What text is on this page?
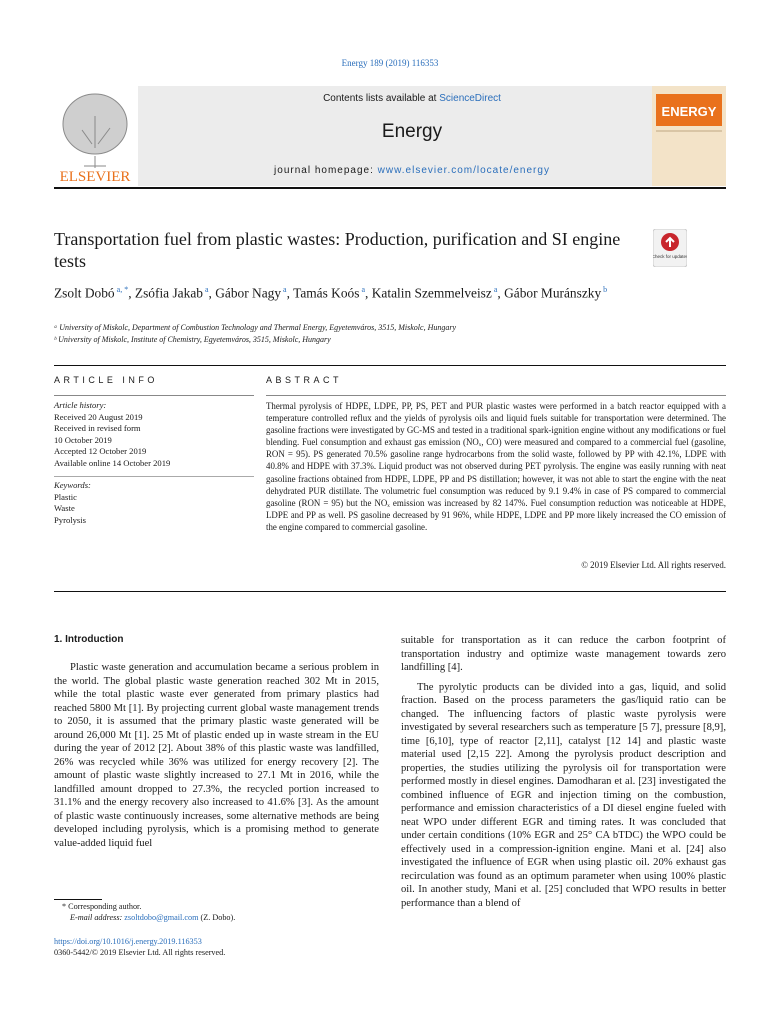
Energy 189 (2019) 116353
ELSEVIER
Contents lists available at ScienceDirect
Energy
journal homepage: www.elsevier.com/locate/energy
ENERGY
Transportation fuel from plastic wastes: Production, purification and SI engine tests	Check for updates
Zsolt Dobó $^{a, *}$, Zsófia Jakab $^a$, Gábor Nagy $^a$, Tamás Koós $^a$, Katalin Szemmelveisz $^a$, Gábor Muránszky $^b$
ᵃ University of Miskolc, Department of Combustion Technology and Thermal Energy, Egyetemváros, 3515, Miskolc, Hungary
ᵇ University of Miskolc, Institute of Chemistry, Egyetemváros, 3515, Miskolc, Hungary
ARTICLE INFO	ABSTRACT
Article history:
Received 20 August 2019
Received in revised form
10 October 2019
Accepted 12 October 2019
Available online 14 October 2019
Keywords:
Plastic
Waste
Pyrolysis
Thermal pyrolysis of HDPE, LDPE, PP, PS, PET and PUR plastic wastes were performed in a batch reactor equipped with a temperature controlled reflux and the yields of pyrolysis oils and liquid fuels suitable for transportation were determined. The gasoline fractions were investigated by GC-MS and tested in a traditional spark-ignition engine without any modifications or fuel blending. Fuel consumption and exhaust gas emission (NOₓ, CO) were measured and compared to a commercial fuel (gasoline, RON = 95). PS generated 70.5% gasoline range hydrocarbons from the solid waste, followed by PP with 42.1%, LDPE with 40.8% and HDPE with 37.3%. Liquid product was not observed during PET pyrolysis. The engine was easily running with neat gasoline fractions obtained from HDPE, LDPE, PP and PS distillation; however, it was not able to start the engine with the neat dehydrated PUR distillate. The volumetric fuel consumption was reduced by 9.1 9.4% in case of PS compared to commercial gasoline (RON = 95) but the NOₓ emission was increased by 82 147%. Fuel consumption reduction was noticeable at HDPE, LDPE and PP as well. PS gasoline decreased by 91 96%, while HDPE, LDPE and PP more likely increased the CO emission of the engine compared to commercial gasoline.
© 2019 Elsevier Ltd. All rights reserved.
1. Introduction

Plastic waste generation and accumulation became a serious problem in the world. The global plastic waste generation reached 302 Mt in 2015, while the total plastic waste ever generated from primary plastics had reached 5800 Mt [1]. By projecting current global waste management trends to 2050, it is assumed that the primary plastic waste generated will be around 26,000 Mt [1]. 25 Mt of plastic ended up in waste stream in the EU during the year of 2012 [2]. About 38% of this plastic waste was landfilled, 26% was recycled while 36% was utilized for energy recovery [2]. The amount of plastic waste slightly increased to 27.1 Mt in 2016, while the landfilled amount dropped to 27.3%, the recycled portion increased to 31.1% and the energy recovery also increased to 41.6% [3]. As the amount of plastic waste continuously increases, some alternative methods are being developed including pyrolysis, which is a promising method to generate value-added liquid fuel

suitable for transportation as it can reduce the carbon footprint of transportation industry and optimize waste management towards zero landfilling [4].

The pyrolytic products can be divided into a gas, liquid, and solid fraction. Based on the process parameters the gas/liquid ratio can be changed. The influencing factors of plastic waste pyrolysis were investigated by several researchers such as temperature [5 7], pressure [8,9], time [6,10], type of reactor [2,11], catalyst [12 14] and plastic waste material used [2,15 22]. Among the pyrolysis product description and properties, the studies utilizing the pyrolysis oil for transportation were performed mostly in diesel engines. Damodharan et al. [23] investigated the combined influence of EGR and injection timing on the combustion, performance and emission characteristics of a DI diesel engine fueled with neat WPO under different EGR and timing rates. It was concluded that under certain conditions (10% EGR and 25° CA bTDC) the WPO could be effectively used in a compression-ignition engine. Mani et al. [24] also investigated the influence of EGR when using plastic oil. 20% exhaust gas recirculation was found as an optimum parameter when using 100% plastic oil. In another study, Mani et al. [25] concluded that WPO results in better performance than a blend of

* Corresponding author.
E-mail address: zsoltdobo@gmail.com (Z. Dobo).
https://doi.org/10.1016/j.energy.2019.116353
0360-5442/© 2019 Elsevier Ltd. All rights reserved.
